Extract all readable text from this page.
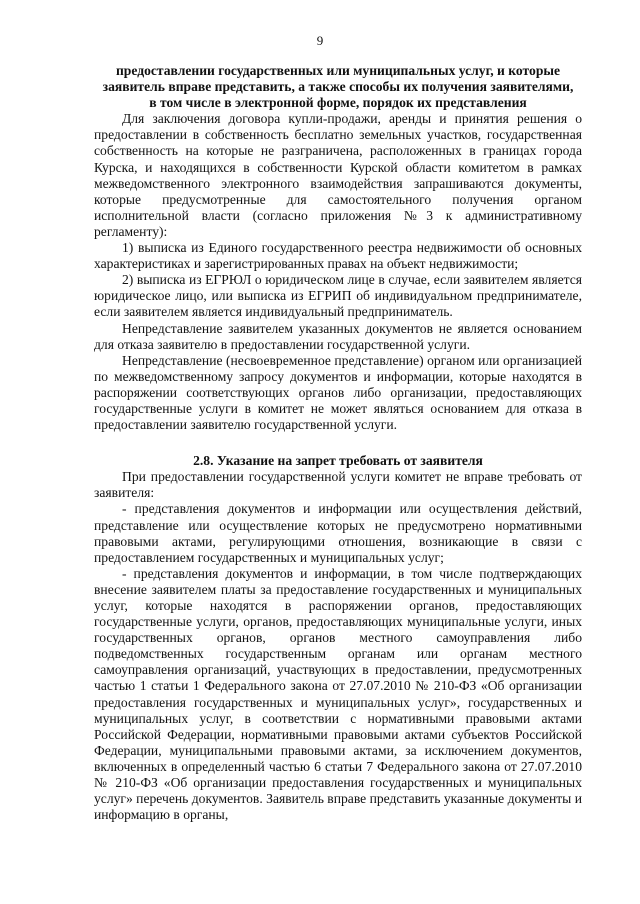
9
предоставлении государственных или муниципальных услуг, и которые
заявитель вправе представить, а также способы их получения заявителями,
в том числе в электронной форме, порядок их представления

Для заключения договора купли-продажи, аренды и принятия решения о предоставлении в собственность бесплатно земельных участков, государственная собственность на которые не разграничена, расположенных в границах города Курска, и находящихся в собственности Курской области комитетом в рамках межведомственного электронного взаимодействия запрашиваются документы, которые предусмотренные для самостоятельного получения органом исполнительной власти (согласно приложения №3 к административному регламенту):

1) выписка из Единого государственного реестра недвижимости об основных характеристиках и зарегистрированных правах на объект недвижимости;

2) выписка из ЕГРЮЛ о юридическом лице в случае, если заявителем является юридическое лицо, или выписка из ЕГРИП об индивидуальном предпринимателе, если заявителем является индивидуальный предприниматель.

Непредставление заявителем указанных документов не является основанием для отказа заявителю в предоставлении государственной услуги.

Непредставление (несвоевременное представление) органом или организацией по межведомственному запросу документов и информации, которые находятся в распоряжении соответствующих органов либо организации, предоставляющих государственные услуги в комитет не может являться основанием для отказа в предоставлении заявителю государственной услуги.

2.8. Указание на запрет требовать от заявителя

При предоставлении государственной услуги комитет не вправе требовать от заявителя:

- представления документов и информации или осуществления действий, представление или осуществление которых не предусмотрено нормативными правовыми актами, регулирующими отношения, возникающие в связи с предоставлением государственных и муниципальных услуг;

- представления документов и информации, в том числе подтверждающих внесение заявителем платы за предоставление государственных и муниципальных услуг, которые находятся в распоряжении органов, предоставляющих государственные услуги, органов, предоставляющих муниципальные услуги, иных государственных органов, органов местного самоуправления либо подведомственных государственным органам или органам местного самоуправления организаций, участвующих в предоставлении, предусмотренных частью 1 статьи 1 Федерального закона от 27.07.2010 № 210-ФЗ «Об организации предоставления государственных и муниципальных услуг», государственных и муниципальных услуг, в соответствии с нормативными правовыми актами Российской Федерации, нормативными правовыми актами субъектов Российской Федерации, муниципальными правовыми актами, за исключением документов, включенных в определенный частью 6 статьи 7 Федерального закона от 27.07.2010 № 210-ФЗ «Об организации предоставления государственных и муниципальных услуг» перечень документов. Заявитель вправе представить указанные документы и информацию в органы,
